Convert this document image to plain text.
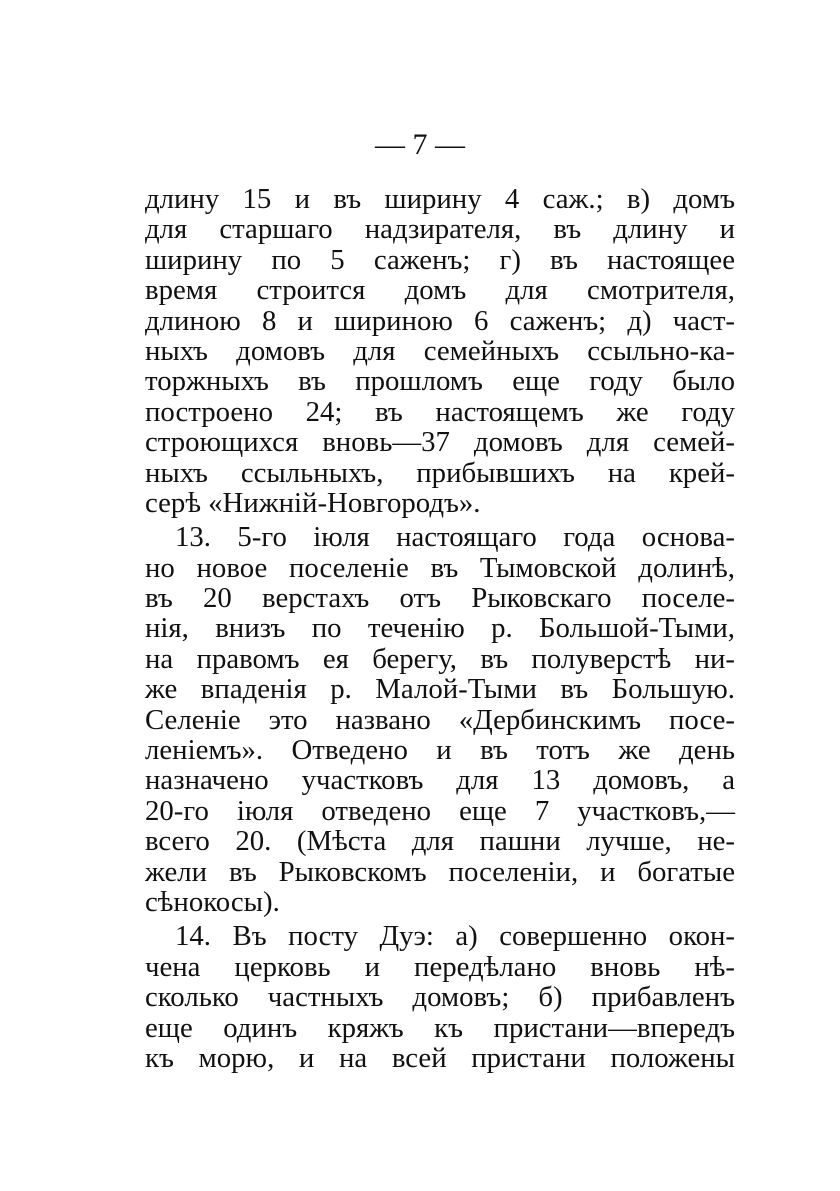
— 7 —
длину 15 и въ ширину 4 саж.; в) домъ
для старшаго надзирателя, въ длину и
ширину по 5 саженъ; г) въ настоящее
время строится домъ для смотрителя,
длиною 8 и шириною 6 саженъ; д) част-
ныхъ домовъ для семейныхъ ссыльно-ка-
торжныхъ въ прошломъ еще году было
построено 24; въ настоящемъ же году
строющихся вновь—37 домовъ для семей-
ныхъ ссыльныхъ, прибывшихъ на крей-
серѣ «Нижній-Новгородъ».
13. 5-го іюля настоящаго года основа-
но новое поселеніе въ Тымовской долинѣ,
въ 20 верстахъ отъ Рыковскаго поселе-
нія, внизъ по теченію р. Большой-Тыми,
на правомъ ея берегу, въ полуверстѣ ни-
же впаденія р. Малой-Тыми въ Большую.
Селеніе это названо «Дербинскимъ посе-
леніемъ». Отведено и въ тотъ же день
назначено участковъ для 13 домовъ, а
20-го іюля отведено еще 7 участковъ,—
всего 20. (Мѣста для пашни лучше, не-
жели въ Рыковскомъ поселеніи, и богатые
сѣнокосы).
14. Въ посту Дуэ: а) совершенно окон-
чена церковь и передѣлано вновь нѣ-
сколько частныхъ домовъ; б) прибавленъ
еще одинъ кряжъ къ пристани—впередъ
къ морю, и на всей пристани положены
